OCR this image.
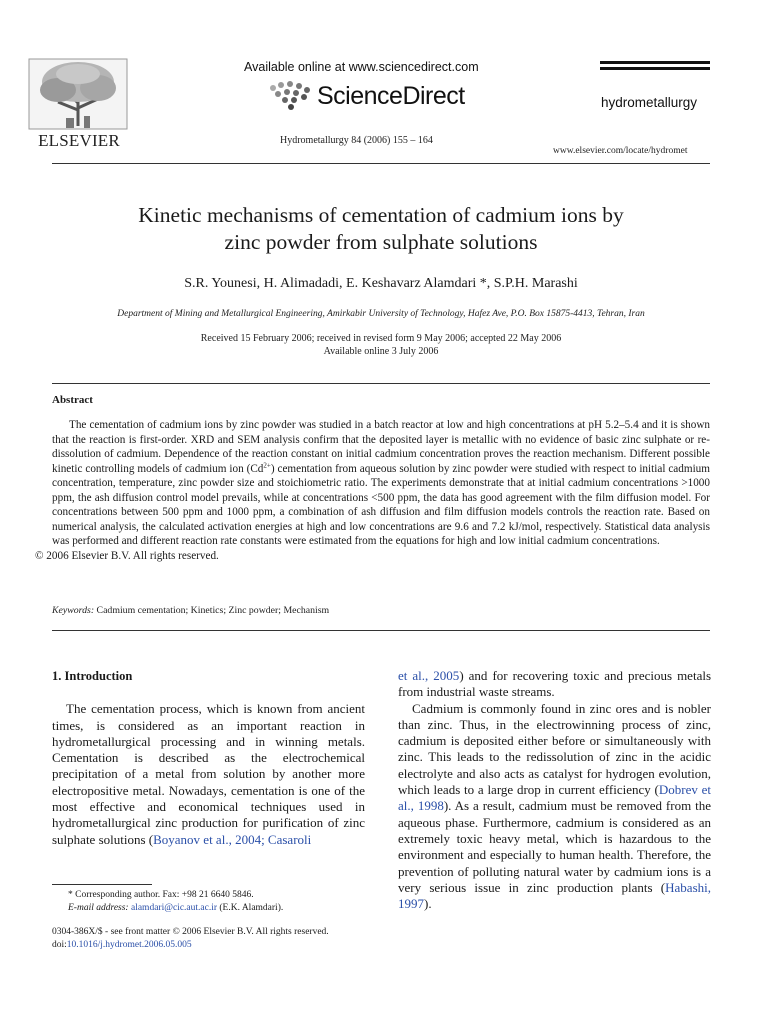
ELSEVIER
Available online at www.sciencedirect.com
ScienceDirect
Hydrometallurgy 84 (2006) 155 – 164
hydrometallurgy
www.elsevier.com/locate/hydromet
Kinetic mechanisms of cementation of cadmium ions by
zinc powder from sulphate solutions
S.R. Younesi, H. Alimadadi, E. Keshavarz Alamdari *, S.P.H. Marashi
Department of Mining and Metallurgical Engineering, Amirkabir University of Technology, Hafez Ave, P.O. Box 15875-4413, Tehran, Iran
Received 15 February 2006; received in revised form 9 May 2006; accepted 22 May 2006
Available online 3 July 2006
Abstract
The cementation of cadmium ions by zinc powder was studied in a batch reactor at low and high concentrations at pH 5.2–5.4 and it is shown that the reaction is first-order. XRD and SEM analysis confirm that the deposited layer is metallic with no evidence of basic zinc sulphate or re-dissolution of cadmium. Dependence of the reaction constant on initial cadmium concentration proves the reaction mechanism. Different possible kinetic controlling models of cadmium ion $(Cd^{2+})$ cementation from aqueous solution by zinc powder were studied with respect to initial cadmium concentration, temperature, zinc powder size and stoichiometric ratio. The experiments demonstrate that at initial cadmium concentrations >1000 ppm, the ash diffusion control model prevails, while at concentrations <500 ppm, the data has good agreement with the film diffusion model. For concentrations between 500 ppm and 1000 ppm, a combination of ash diffusion and film diffusion models controls the reaction rate. Based on numerical analysis, the calculated activation energies at high and low concentrations are 9.6 and 7.2 kJ/mol, respectively. Statistical data analysis was performed and different reaction rate constants were estimated from the equations for high and low initial cadmium concentrations.
© 2006 Elsevier B.V. All rights reserved.
Keywords: Cadmium cementation; Kinetics; Zinc powder; Mechanism
1. Introduction

The cementation process, which is known from ancient times, is considered as an important reaction in hydrometallurgical processing and in winning metals. Cementation is described as the electrochemical precipitation of a metal from solution by another more electropositive metal. Nowadays, cementation is one of the most effective and economical techniques used in hydrometallurgical zinc production for purification of zinc sulphate solutions (Boyanov et al., 2004; Casaroli

et al., 2005) and for recovering toxic and precious metals from industrial waste streams.

Cadmium is commonly found in zinc ores and is nobler than zinc. Thus, in the electrowinning process of zinc, cadmium is deposited either before or simultaneously with zinc. This leads to the redissolution of zinc in the acidic electrolyte and also acts as catalyst for hydrogen evolution, which leads to a large drop in current efficiency (Dobrev et al., 1998). As a result, cadmium must be removed from the aqueous phase. Furthermore, cadmium is considered as an extremely toxic heavy metal, which is hazardous to the environment and especially to human health. Therefore, the prevention of polluting natural water by cadmium ions is a very serious issue in zinc production plants (Habashi, 1997).

* Corresponding author. Fax: +98 21 6640 5846.
E-mail address: alamdari@cic.aut.ac.ir (E.K. Alamdari).
0304-386X/$ - see front matter © 2006 Elsevier B.V. All rights reserved.
doi:10.1016/j.hydromet.2006.05.005
